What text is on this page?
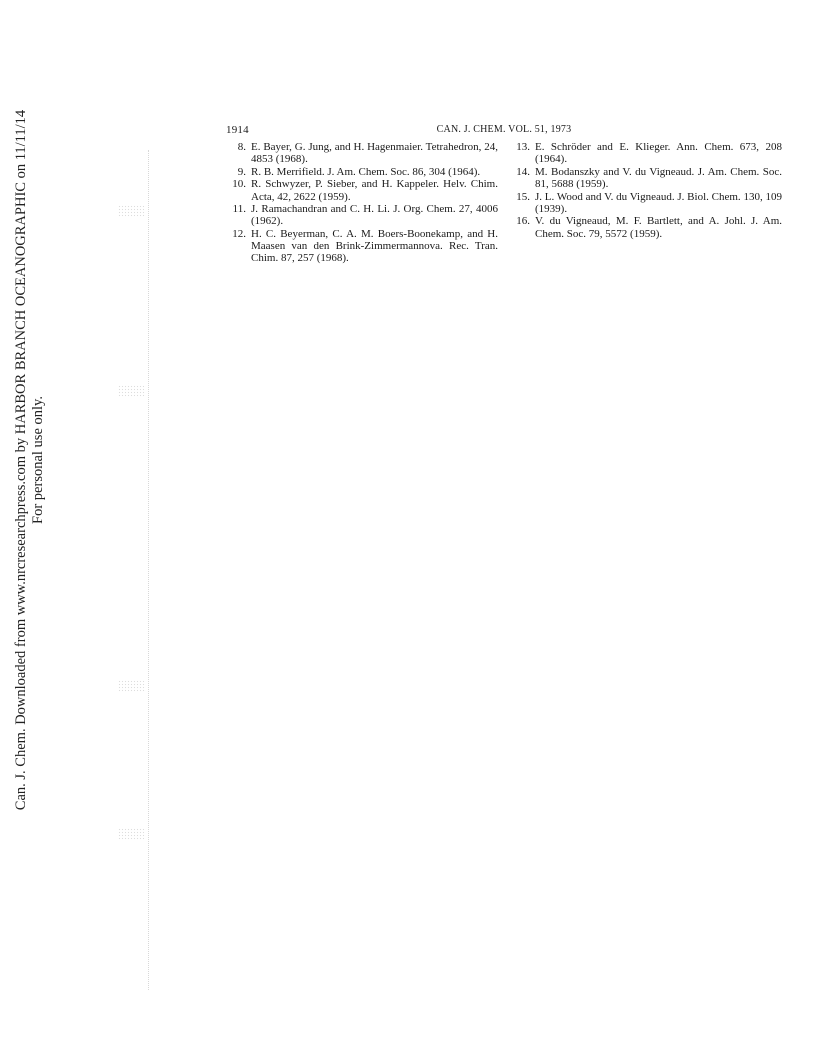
Can. J. Chem. Downloaded from www.nrcresearchpress.com by HARBOR BRANCH OCEANOGRAPHIC on 11/11/14 For personal use only.
1914	CAN. J. CHEM. VOL. 51, 1973
8. E. Bayer, G. Jung, and H. Hagenmaier. Tetrahedron, 24, 4853 (1968).
9. R. B. Merrifield. J. Am. Chem. Soc. 86, 304 (1964).
10. R. Schwyzer, P. Sieber, and H. Kappeler. Helv. Chim. Acta, 42, 2622 (1959).
11. J. Ramachandran and C. H. Li. J. Org. Chem. 27, 4006 (1962).
12. H. C. Beyerman, C. A. M. Boers-Boonekamp, and H. Maasen van den Brink-Zimmermannova. Rec. Tran. Chim. 87, 257 (1968).
13. E. Schröder and E. Klieger. Ann. Chem. 673, 208 (1964).
14. M. Bodanszky and V. du Vigneaud. J. Am. Chem. Soc. 81, 5688 (1959).
15. J. L. Wood and V. du Vigneaud. J. Biol. Chem. 130, 109 (1939).
16. V. du Vigneaud, M. F. Bartlett, and A. Johl. J. Am. Chem. Soc. 79, 5572 (1959).
